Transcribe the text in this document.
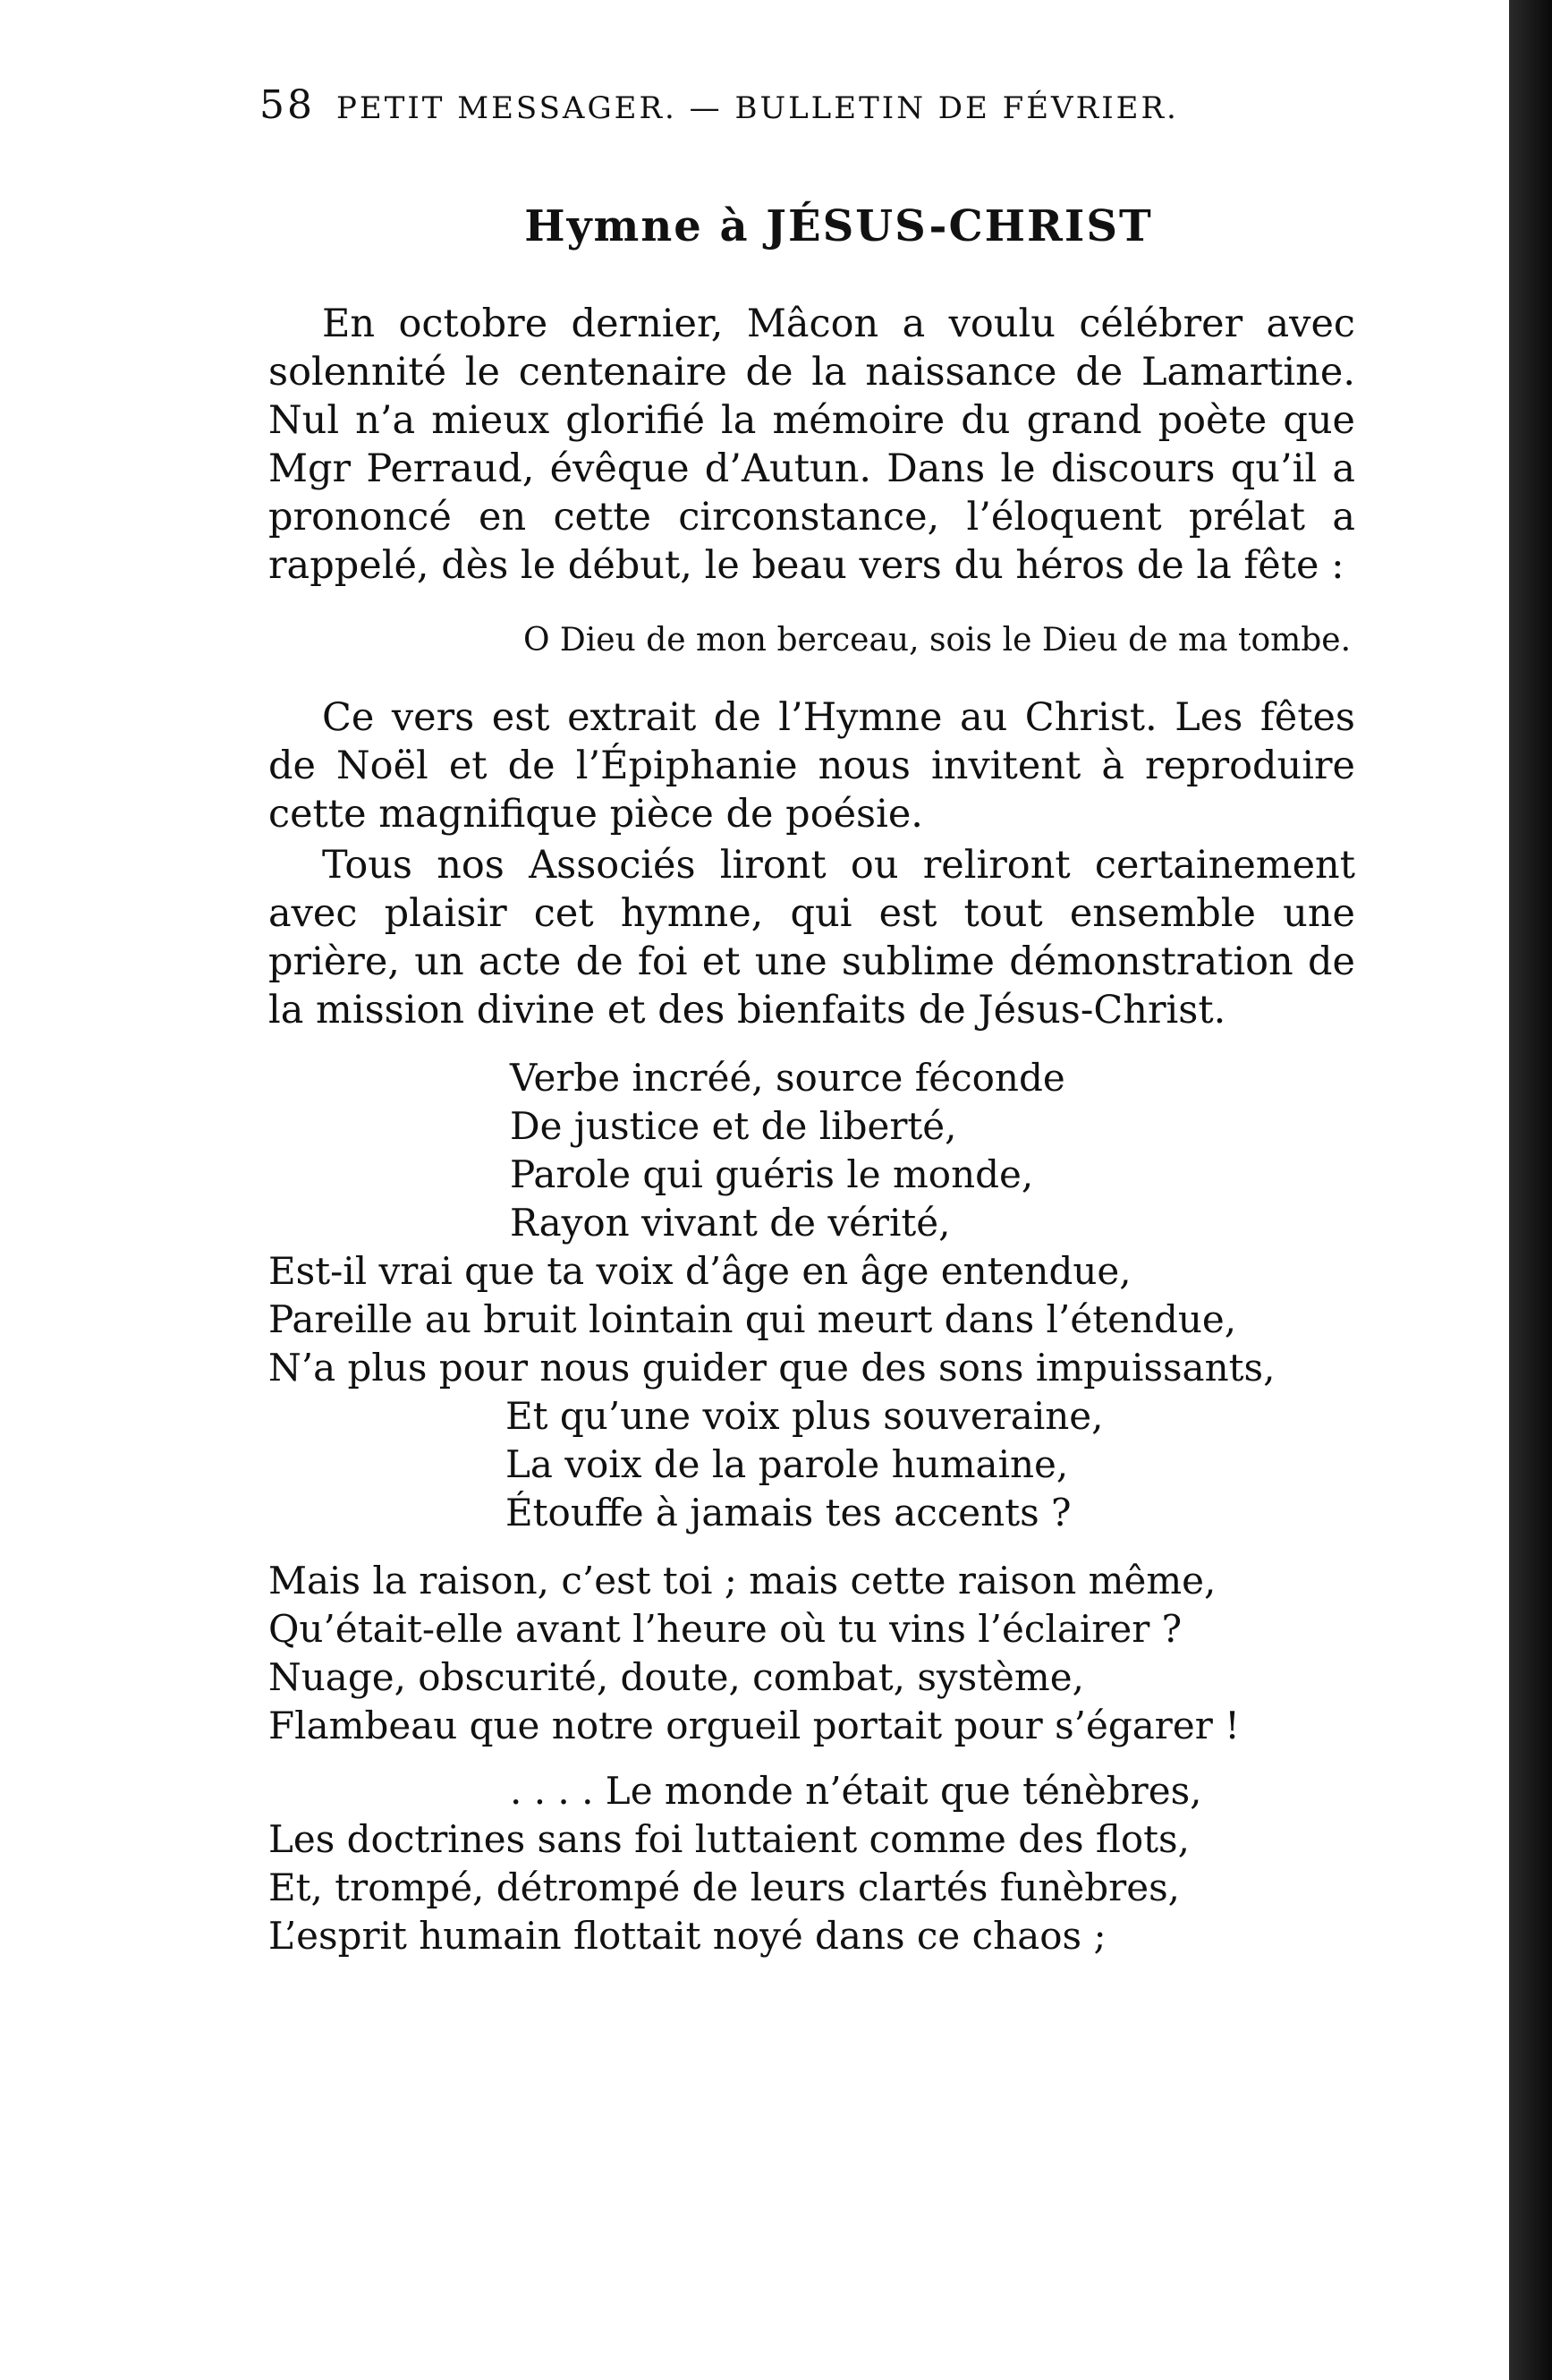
58 PETIT MESSAGER. — BULLETIN DE FÉVRIER.
Hymne à JÉSUS-CHRIST

En octobre dernier, Mâcon a voulu célébrer avec solennité le centenaire de la naissance de Lamartine. Nul n’a mieux glorifié la mémoire du grand poète que Mgr Perraud, évêque d’Autun. Dans le discours qu’il a prononcé en cette circonstance, l’éloquent prélat a rappelé, dès le début, le beau vers du héros de la fête :

O Dieu de mon berceau, sois le Dieu de ma tombe.

Ce vers est extrait de l’Hymne au Christ. Les fêtes de Noël et de l’Épiphanie nous invitent à reproduire cette magnifique pièce de poésie.

Tous nos Associés liront ou reliront certainement avec plaisir cet hymne, qui est tout ensemble une prière, un acte de foi et une sublime démonstration de la mission divine et des bienfaits de Jésus-Christ.

Verbe incréé, source féconde
De justice et de liberté,
Parole qui guéris le monde,
Rayon vivant de vérité,
Est-il vrai que ta voix d’âge en âge entendue,
Pareille au bruit lointain qui meurt dans l’étendue,
N’a plus pour nous guider que des sons impuissants,
Et qu’une voix plus souveraine,
La voix de la parole humaine,
Étouffe à jamais tes accents ?
Mais la raison, c’est toi ; mais cette raison même,
Qu’était-elle avant l’heure où tu vins l’éclairer ?
Nuage, obscurité, doute, combat, système,
Flambeau que notre orgueil portait pour s’égarer !
. . . . Le monde n’était que ténèbres,
Les doctrines sans foi luttaient comme des flots,
Et, trompé, détrompé de leurs clartés funèbres,
L’esprit humain flottait noyé dans ce chaos ;
